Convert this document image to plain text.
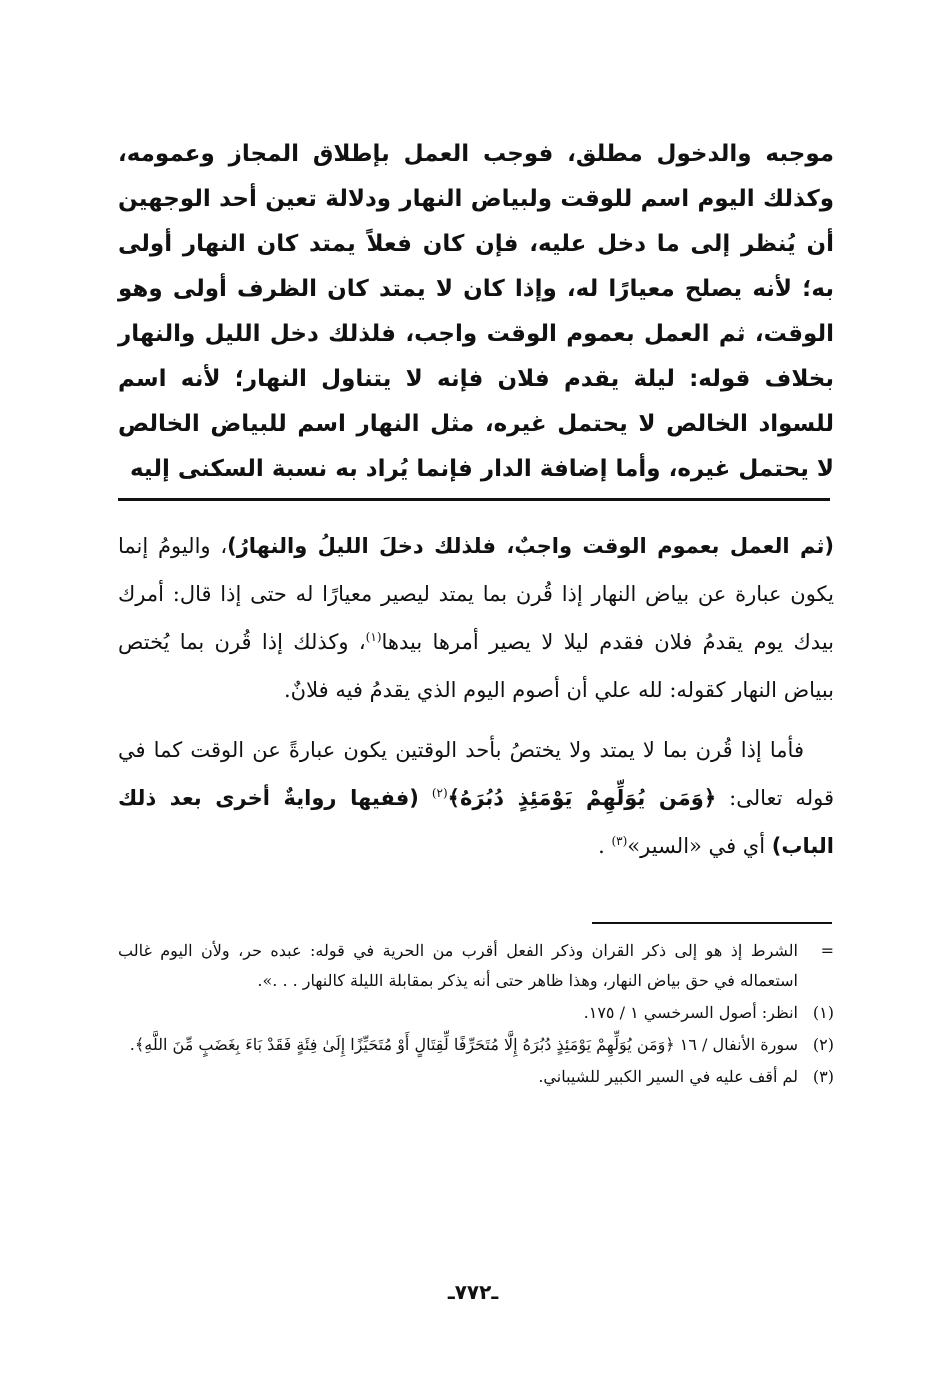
موجبه والدخول مطلق، فوجب العمل بإطلاق المجاز وعمومه، وكذلك اليوم اسم للوقت ولبياض النهار ودلالة تعين أحد الوجهين أن يُنظر إلى ما دخل عليه، فإن كان فعلاً يمتد كان النهار أولى به؛ لأنه يصلح معيارًا له، وإذا كان لا يمتد كان الظرف أولى وهو الوقت، ثم العمل بعموم الوقت واجب، فلذلك دخل الليل والنهار بخلاف قوله: ليلة يقدم فلان فإنه لا يتناول النهار؛ لأنه اسم للسواد الخالص لا يحتمل غيره، مثل النهار اسم للبياض الخالص لا يحتمل غيره، وأما إضافة الدار فإنما يُراد به نسبة السكنى إليه

(ثم العمل بعموم الوقت واجبٌ، فلذلك دخلَ الليلُ والنهارُ)، واليومُ إنما يكون عبارة عن بياض النهار إذا قُرن بما يمتد ليصير معيارًا له حتى إذا قال: أمرك بيدك يوم يقدمُ فلان فقدم ليلا لا يصير أمرها بيدها$^{(١)}$، وكذلك إذا قُرن بما يُختص ببياض النهار كقوله: لله علي أن أصوم اليوم الذي يقدمُ فيه فلانٌ.

فأما إذا قُرن بما لا يمتد ولا يختصُ بأحد الوقتين يكون عبارةً عن الوقت كما في قوله تعالى: ﴿وَمَن يُوَلِّهِمْ يَوْمَئِذٍ دُبُرَهُ﴾$^{(٢)}$ (ففيها روايةٌ أخرى بعد ذلك الباب) أي في «السير»$^{(٣)}$ .

=
الشرط إذ هو إلى ذكر القران وذكر الفعل أقرب من الحرية في قوله: عبده حر، ولأن اليوم غالب استعماله في حق بياض النهار، وهذا ظاهر حتى أنه يذكر بمقابلة الليلة كالنهار . . .».
(١)
انظر: أصول السرخسي ١ / ١٧٥.
(٢)
سورة الأنفال / ١٦ ﴿وَمَن يُوَلِّهِمْ يَوْمَئِذٍ دُبُرَهُ إِلَّا مُتَحَرِّفًا لِّقِتَالٍ أَوْ مُتَحَيِّزًا إِلَىٰ فِئَةٍ فَقَدْ بَاءَ بِغَضَبٍ مِّنَ اللَّهِ﴾.
(٣)
لم أقف عليه في السير الكبير للشيباني.
ـ٧٧٢ـ
